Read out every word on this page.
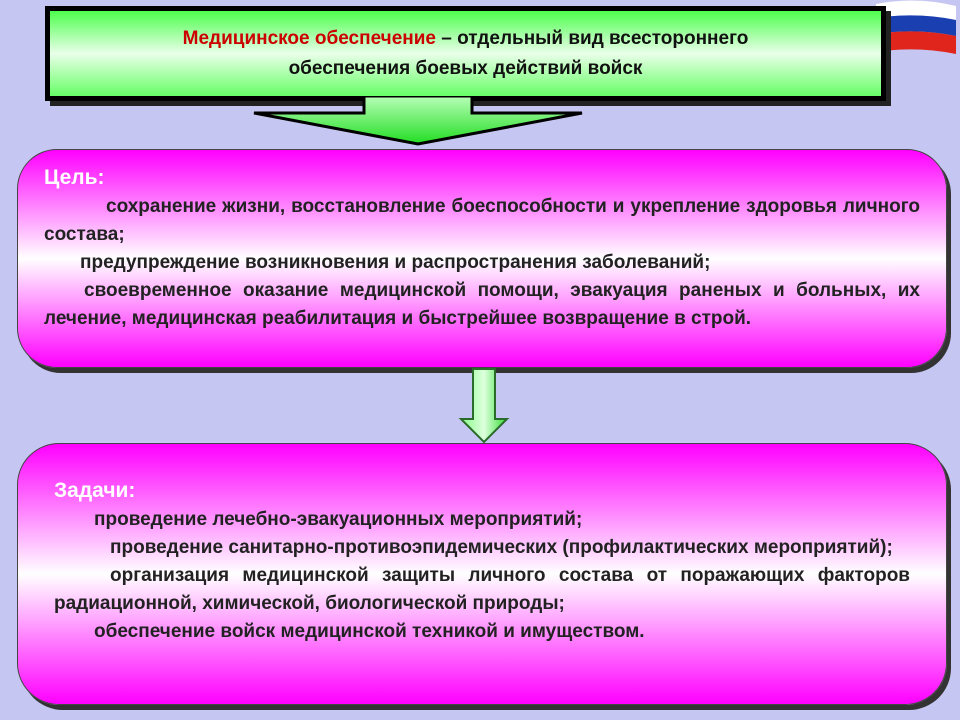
Медицинское обеспечение – отдельный вид всестороннего
обеспечения боевых действий войск
Цель:

сохранение жизни, восстановление боеспособности и укрепление здоровья личного состава;

предупреждение возникновения и распространения заболеваний;

своевременное оказание медицинской помощи, эвакуация раненых и больных, их лечение, медицинская реабилитация и быстрейшее возвращение в строй.

Задачи:

проведение лечебно-эвакуационных мероприятий;

проведение санитарно-противоэпидемических (профилактических мероприятий);

организация медицинской защиты личного состава от поражающих факторов радиационной, химической, биологической природы;

обеспечение войск медицинской техникой и имуществом.
